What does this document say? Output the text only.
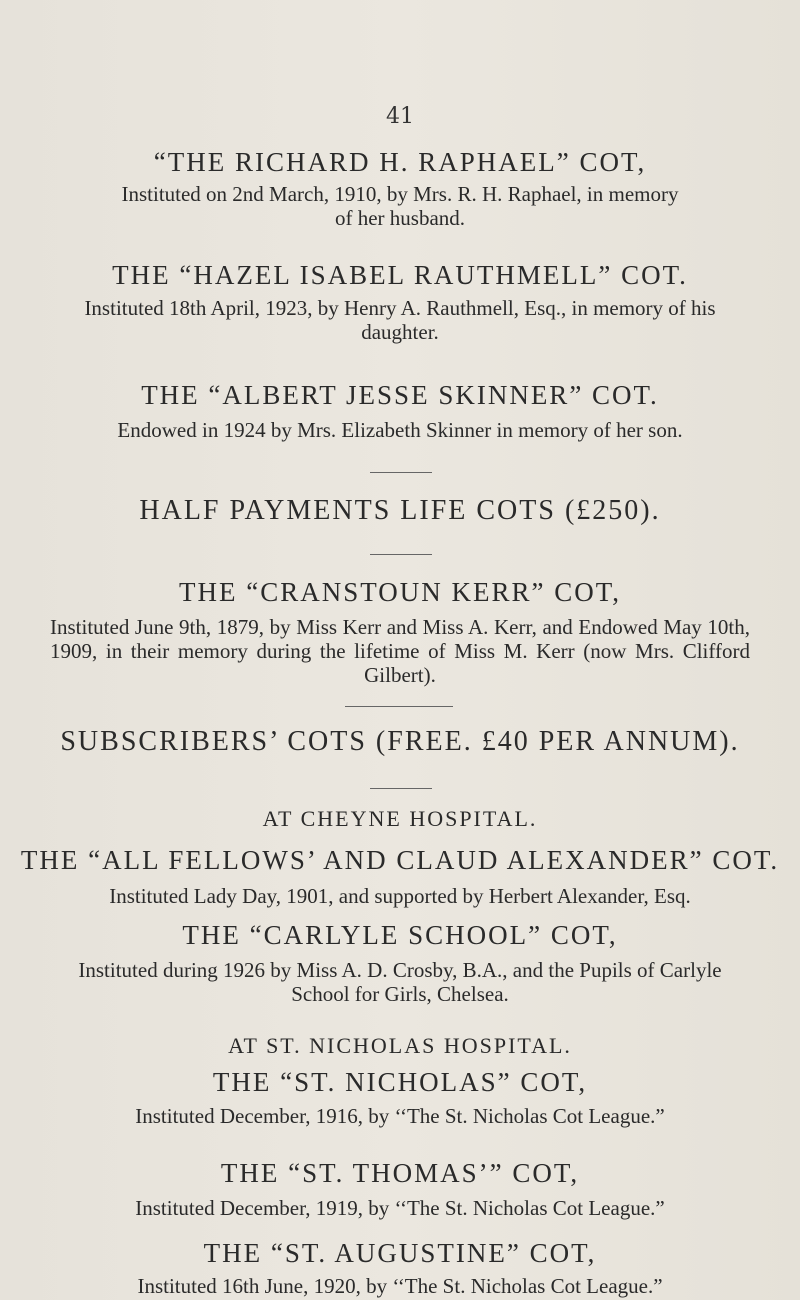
41
“THE RICHARD H. RAPHAEL” COT,
Instituted on 2nd March, 1910, by Mrs. R. H. Raphael, in memory of her husband.
THE “HAZEL ISABEL RAUTHMELL” COT.
Instituted 18th April, 1923, by Henry A. Rauthmell, Esq., in memory of his daughter.
THE “ALBERT JESSE SKINNER” COT.
Endowed in 1924 by Mrs. Elizabeth Skinner in memory of her son.
HALF PAYMENTS LIFE COTS (£250).
THE “CRANSTOUN KERR” COT,
Instituted June 9th, 1879, by Miss Kerr and Miss A. Kerr, and Endowed May 10th, 1909, in their memory during the lifetime of Miss M. Kerr (now Mrs. Clifford Gilbert).
SUBSCRIBERS’ COTS (FREE. £40 PER ANNUM).
AT CHEYNE HOSPITAL.
THE “ALL FELLOWS’ AND CLAUD ALEXANDER” COT.
Instituted Lady Day, 1901, and supported by Herbert Alexander, Esq.
THE “CARLYLE SCHOOL” COT,
Instituted during 1926 by Miss A. D. Crosby, B.A., and the Pupils of Carlyle School for Girls, Chelsea.
AT ST. NICHOLAS HOSPITAL.
THE “ST. NICHOLAS” COT,
Instituted December, 1916, by ‘‘The St. Nicholas Cot League.”
THE “ST. THOMAS’” COT,
Instituted December, 1919, by ‘‘The St. Nicholas Cot League.”
THE “ST. AUGUSTINE” COT,
Instituted 16th June, 1920, by ‘‘The St. Nicholas Cot League.”
